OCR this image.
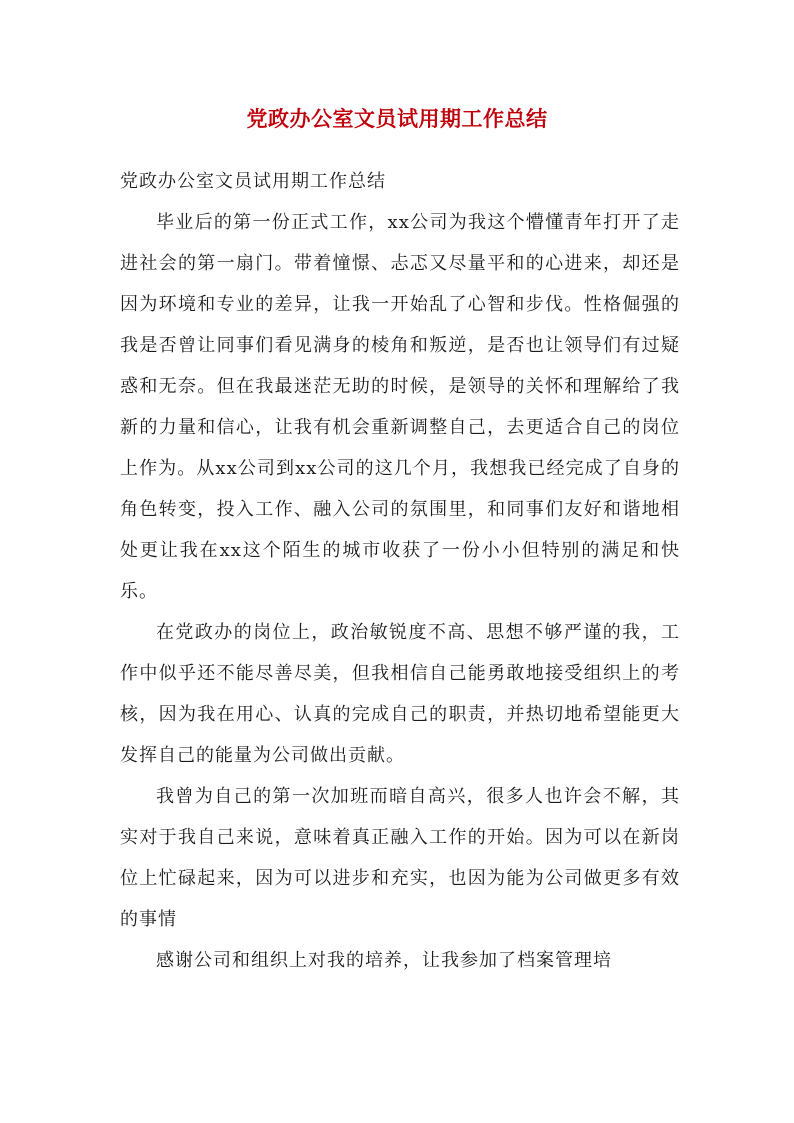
党政办公室文员试用期工作总结

党政办公室文员试用期工作总结

毕业后的第一份正式工作，xx公司为我这个懵懂青年打开了走进社会的第一扇门。带着憧憬、忐忑又尽量平和的心进来，却还是因为环境和专业的差异，让我一开始乱了心智和步伐。性格倔强的我是否曾让同事们看见满身的棱角和叛逆，是否也让领导们有过疑惑和无奈。但在我最迷茫无助的时候，是领导的关怀和理解给了我新的力量和信心，让我有机会重新调整自己，去更适合自己的岗位上作为。从xx公司到xx公司的这几个月，我想我已经完成了自身的角色转变，投入工作、融入公司的氛围里，和同事们友好和谐地相处更让我在xx这个陌生的城市收获了一份小小但特别的满足和快乐。

在党政办的岗位上，政治敏锐度不高、思想不够严谨的我，工作中似乎还不能尽善尽美，但我相信自己能勇敢地接受组织上的考核，因为我在用心、认真的完成自己的职责，并热切地希望能更大发挥自己的能量为公司做出贡献。

我曾为自己的第一次加班而暗自高兴，很多人也许会不解，其实对于我自己来说，意味着真正融入工作的开始。因为可以在新岗位上忙碌起来，因为可以进步和充实，也因为能为公司做更多有效的事情

感谢公司和组织上对我的培养，让我参加了档案管理培
